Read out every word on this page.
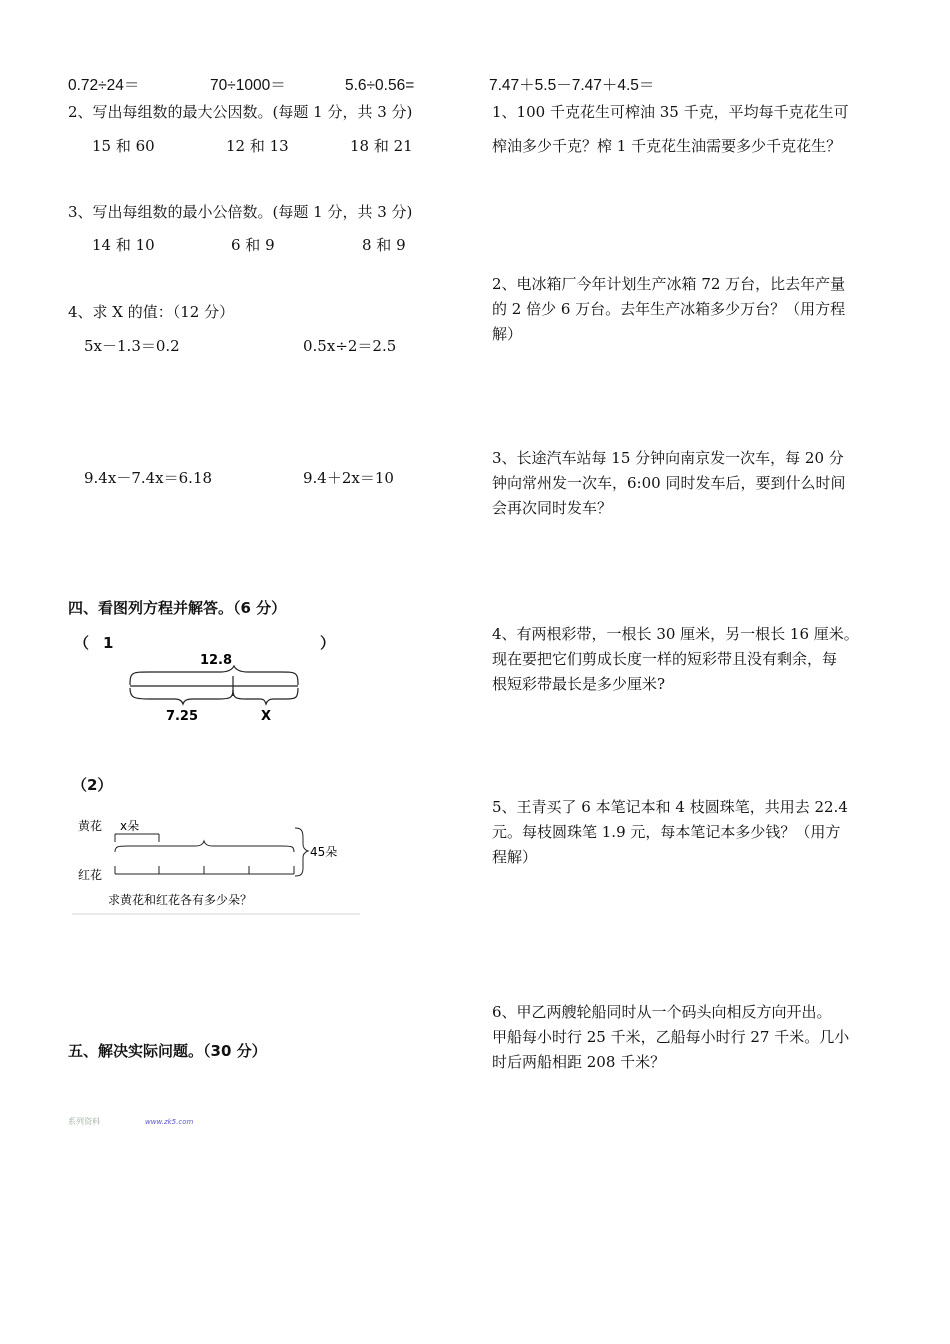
0.72÷24＝	70÷1000＝	5.6÷0.56=	7.47＋5.5－7.47＋4.5＝
2、写出每组数的最大公因数。(每题 1 分，共 3 分)
15 和 60	12 和 13	18 和 21
3、写出每组数的最小公倍数。(每题 1 分，共 3 分)
14 和 10	6 和 9	8 和 9
4、求 X 的值：（12 分）
5x－1.3＝0.2	0.5x÷2＝2.5
9.4x－7.4x＝6.18	9.4＋2x＝10
四、看图列方程并解答。（6 分）
（ 1	）
12.8
7.25	X
（2）
黄花
红花
x朵
45朵
求黄花和红花各有多少朵？
五、解决实际问题。（30 分）
1、100 千克花生可榨油 35 千克，平均每千克花生可
榨油多少千克？榨 1 千克花生油需要多少千克花生？
2、电冰箱厂今年计划生产冰箱 72 万台，比去年产量
的 2 倍少 6 万台。去年生产冰箱多少万台？（用方程
解）
3、长途汽车站每 15 分钟向南京发一次车，每 20 分
钟向常州发一次车，6:00 同时发车后，要到什么时间
会再次同时发车？
4、有两根彩带，一根长 30 厘米，另一根长 16 厘米。
现在要把它们剪成长度一样的短彩带且没有剩余，每
根短彩带最长是多少厘米?
5、王青买了 6 本笔记本和 4 枝圆珠笔，共用去 22.4
元。每枝圆珠笔 1.9 元，每本笔记本多少钱？（用方
程解）
6、甲乙两艘轮船同时从一个码头向相反方向开出。
甲船每小时行 25 千米，乙船每小时行 27 千米。几小
时后两船相距 208 千米？
系列资料	www.zk5.com
